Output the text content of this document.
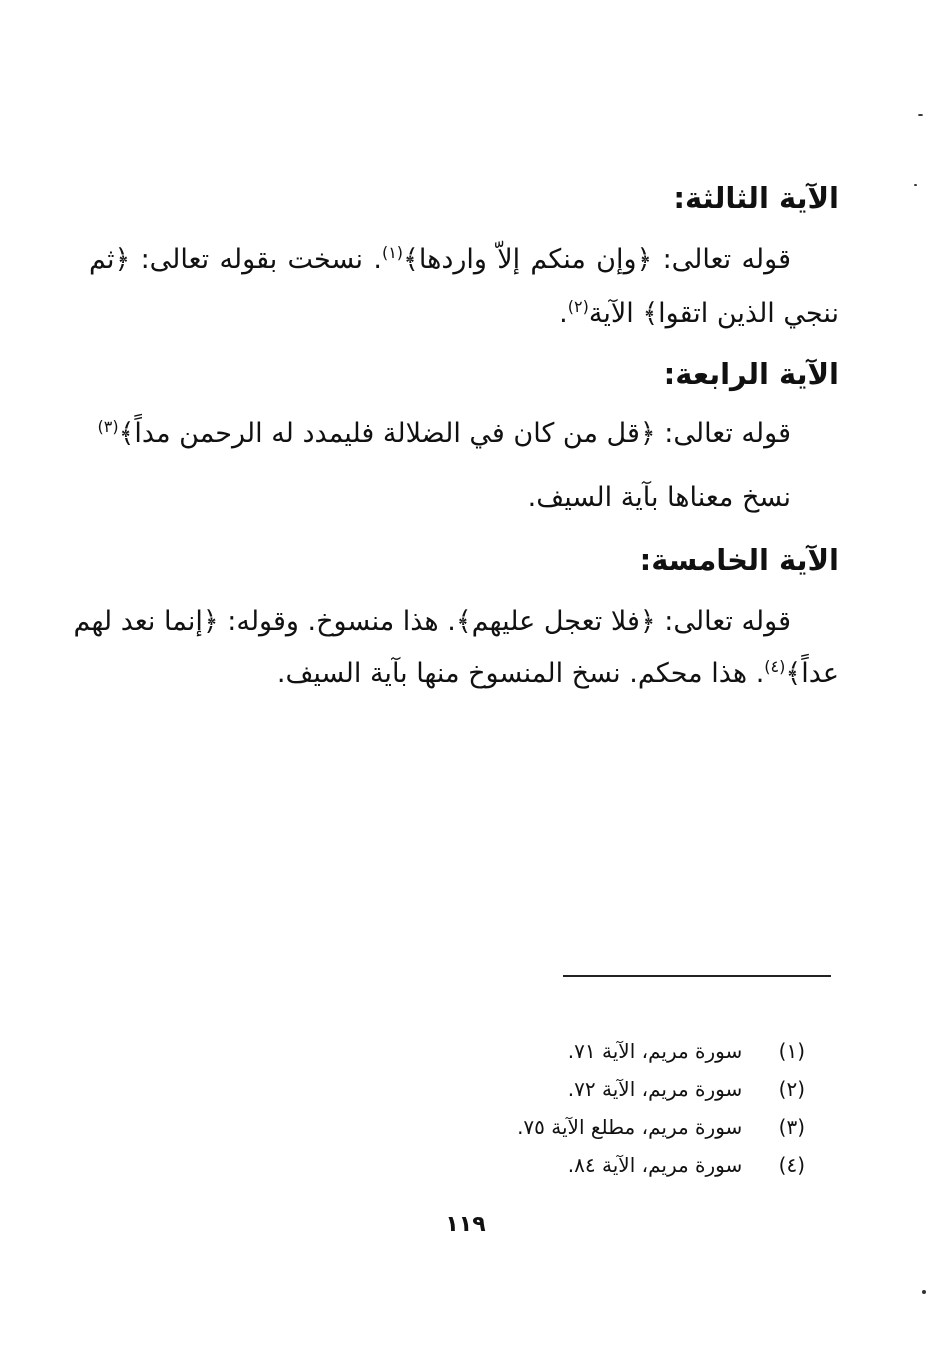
الآية الثالثة:
قوله تعالى: ﴿وإن منكم إلاّ واردها﴾$^{(١)}$. نسخت بقوله تعالى: ﴿ثم
ننجي الذين اتقوا﴾ الآية$^{(٢)}$.
الآية الرابعة:
قوله تعالى: ﴿قل من كان في الضلالة فليمدد له الرحمن مداً﴾$^{(٣)}$
نسخ معناها بآية السيف.
الآية الخامسة:
قوله تعالى: ﴿فلا تعجل عليهم﴾. هذا منسوخ. وقوله: ﴿إنما نعد لهم
عداً﴾$^{(٤)}$. هذا محكم. نسخ المنسوخ منها بآية السيف.
(١)  سورة مريم، الآية ٧١.
(٢)  سورة مريم، الآية ٧٢.
(٣)  سورة مريم، مطلع الآية ٧٥.
(٤)  سورة مريم، الآية ٨٤.
١١٩
